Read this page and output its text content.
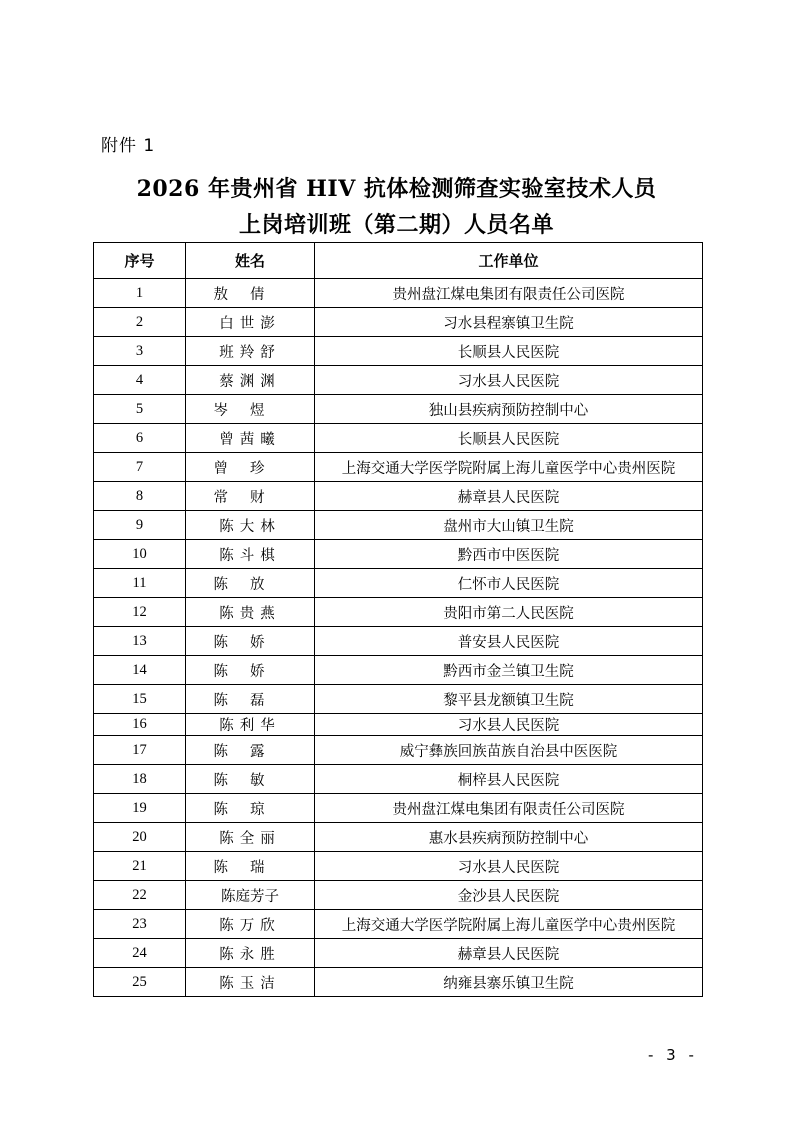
附件 1
2026 年贵州省 HIV 抗体检测筛查实验室技术人员
上岗培训班（第二期）人员名单
序号	姓名	工作单位
1	敖倩	贵州盘江煤电集团有限责任公司医院
2	白世澎	习水县程寨镇卫生院
3	班羚舒	长顺县人民医院
4	蔡渊渊	习水县人民医院
5	岑煜	独山县疾病预防控制中心
6	曾茜曦	长顺县人民医院
7	曾珍	上海交通大学医学院附属上海儿童医学中心贵州医院
8	常财	赫章县人民医院
9	陈大林	盘州市大山镇卫生院
10	陈斗棋	黔西市中医医院
11	陈放	仁怀市人民医院
12	陈贵燕	贵阳市第二人民医院
13	陈娇	普安县人民医院
14	陈娇	黔西市金兰镇卫生院
15	陈磊	黎平县龙额镇卫生院
16	陈利华	习水县人民医院
17	陈露	威宁彝族回族苗族自治县中医医院
18	陈敏	桐梓县人民医院
19	陈琼	贵州盘江煤电集团有限责任公司医院
20	陈全丽	惠水县疾病预防控制中心
21	陈瑞	习水县人民医院
22	陈庭芳子	金沙县人民医院
23	陈万欣	上海交通大学医学院附属上海儿童医学中心贵州医院
24	陈永胜	赫章县人民医院
25	陈玉洁	纳雍县寨乐镇卫生院
- 3 -
